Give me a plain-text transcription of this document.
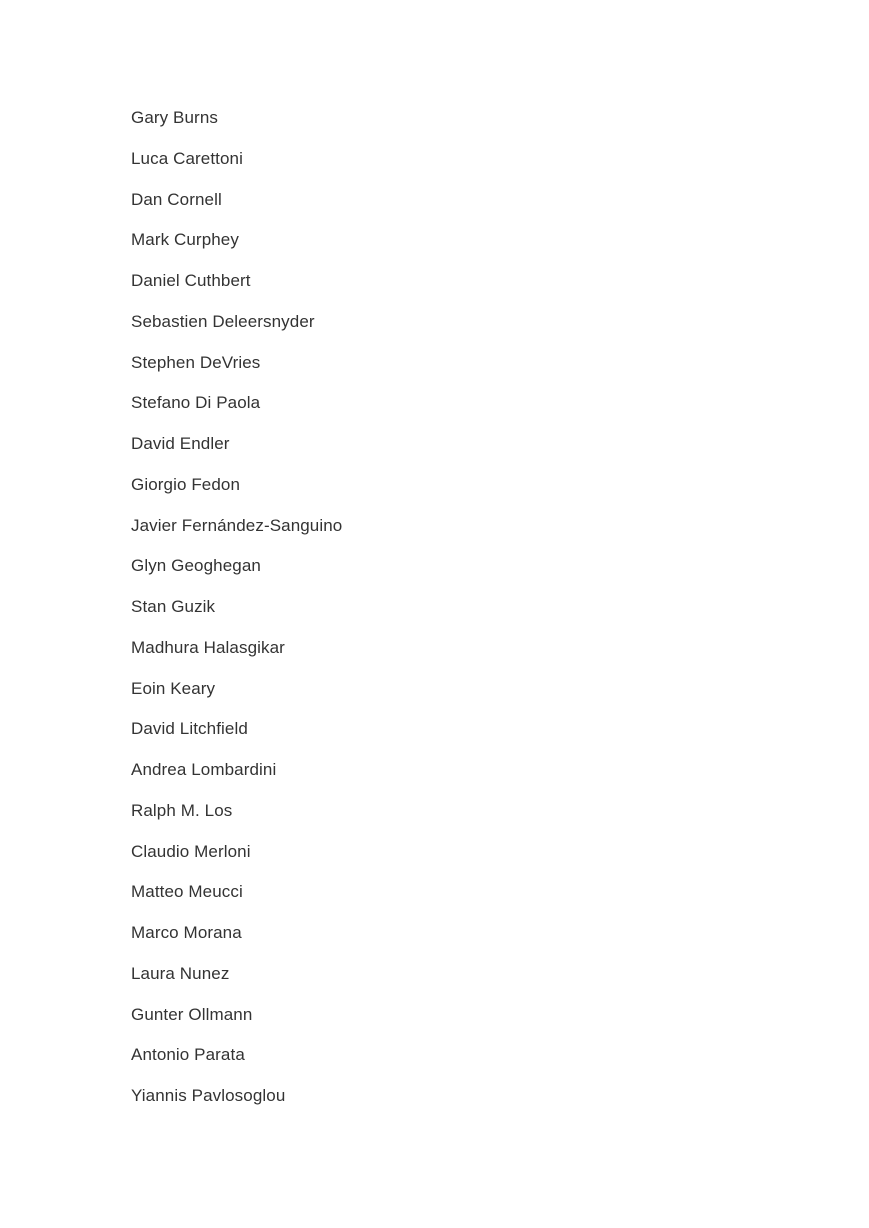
Gary Burns
Luca Carettoni
Dan Cornell
Mark Curphey
Daniel Cuthbert
Sebastien Deleersnyder
Stephen DeVries
Stefano Di Paola
David Endler
Giorgio Fedon
Javier Fernández-Sanguino
Glyn Geoghegan
Stan Guzik
Madhura Halasgikar
Eoin Keary
David Litchfield
Andrea Lombardini
Ralph M. Los
Claudio Merloni
Matteo Meucci
Marco Morana
Laura Nunez
Gunter Ollmann
Antonio Parata
Yiannis Pavlosoglou
